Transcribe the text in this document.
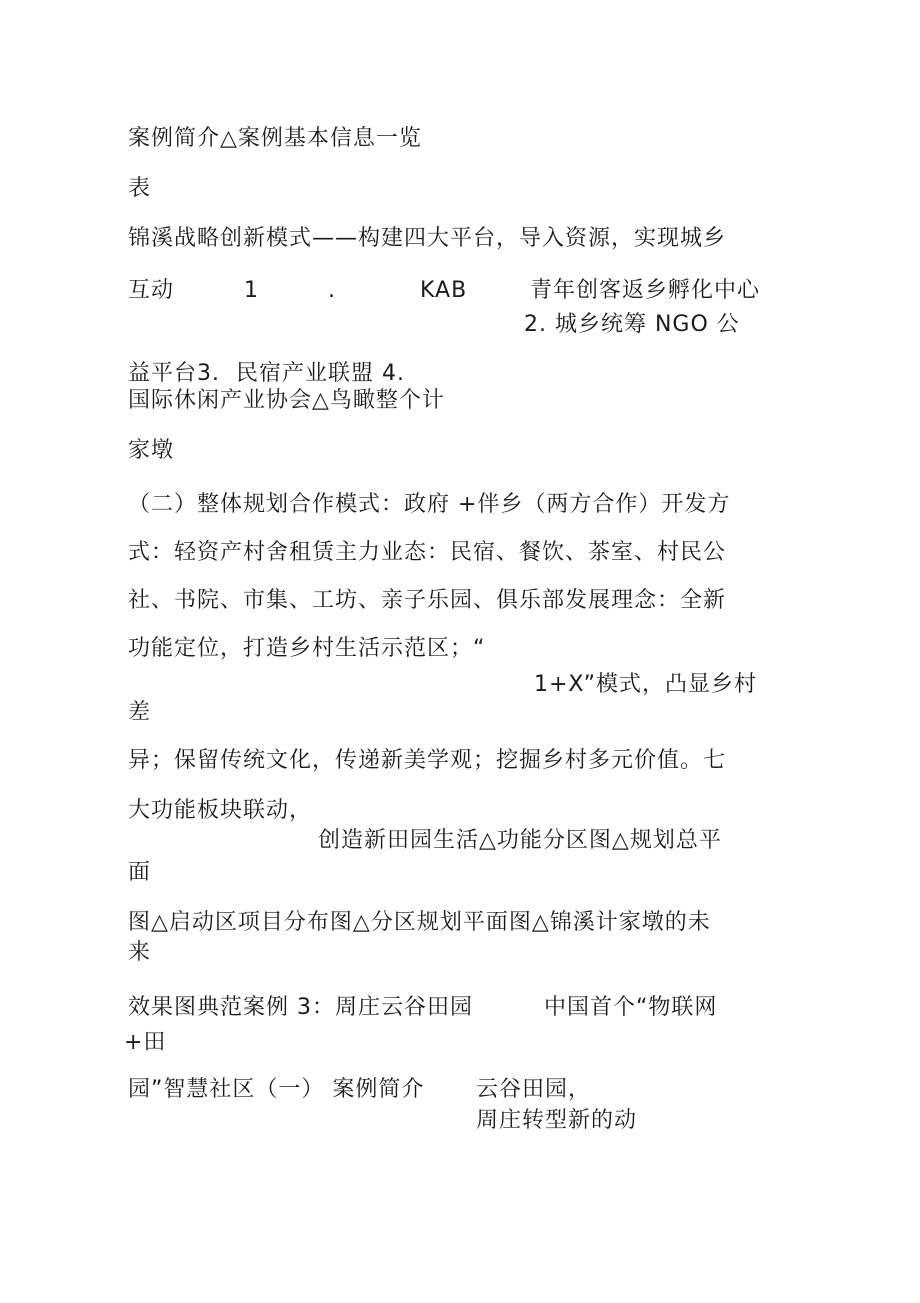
案例简介△案例基本信息一览
表
锦溪战略创新模式——构建四大平台，导入资源，实现城乡
互动	1	.	KAB	青年创客返乡孵化中心
2. 城乡统筹 NGO 公
益平台3.  民宿产业联盟 4.
国际休闲产业协会△鸟瞰整个计
家墩
（二）整体规划合作模式：政府 +伴乡（两方合作）开发方
式：轻资产村舍租赁主力业态：民宿、餐饮、茶室、村民公
社、书院、市集、工坊、亲子乐园、俱乐部发展理念：全新
功能定位，打造乡村生活示范区；“
1+X”模式，凸显乡村
差
异；保留传统文化，传递新美学观；挖掘乡村多元价值。七
大功能板块联动，
创造新田园生活△功能分区图△规划总平
面
图△启动区项目分布图△分区规划平面图△锦溪计家墩的未
来
效果图典范案例 3：周庄云谷田园	中国首个“物联网
+田
园”智慧社区（一） 案例简介 云谷田园，
周庄转型新的动
